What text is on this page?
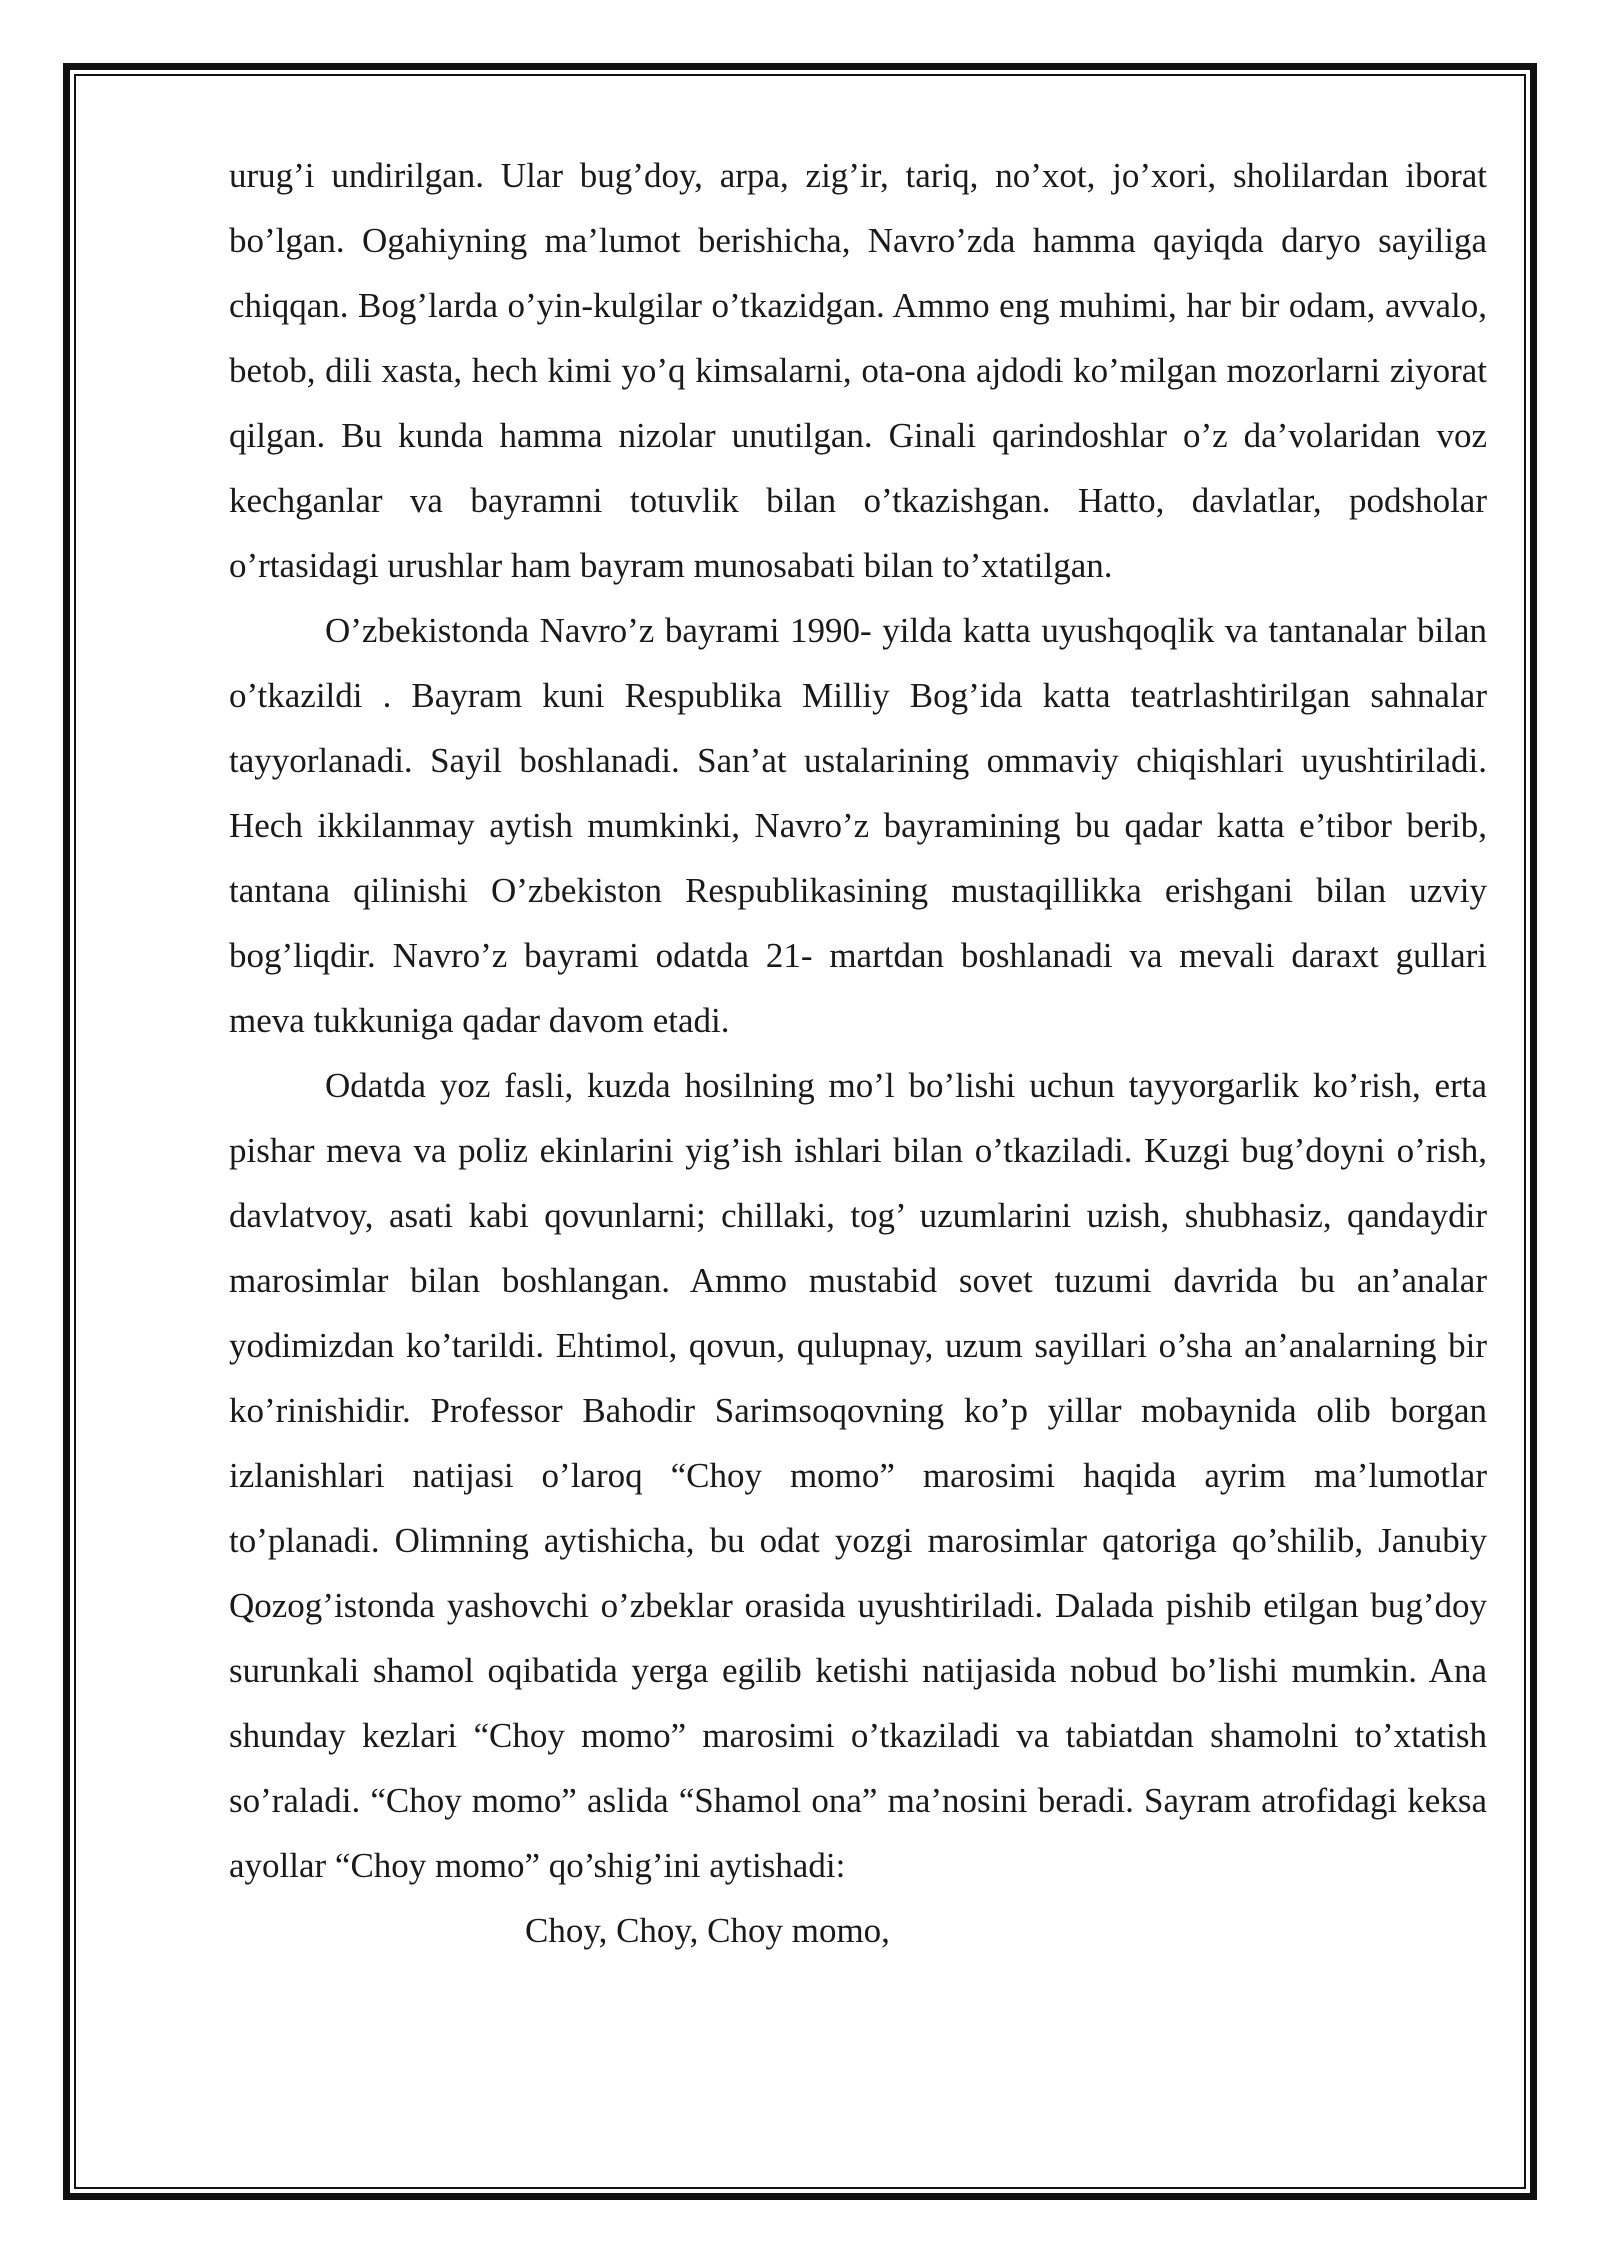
urug’i undirilgan. Ular bug’doy, arpa, zig’ir, tariq, no’xot, jo’xori, sholilardan iborat bo’lgan. Ogahiyning ma’lumot berishicha, Navro’zda hamma qayiqda daryo sayiliga chiqqan. Bog’larda o’yin-kulgilar o’tkazidgan. Ammo eng muhimi, har bir odam, avvalo, betob, dili xasta, hech kimi yo’q kimsalarni, ota-ona ajdodi ko’milgan mozorlarni ziyorat qilgan. Bu kunda hamma nizolar unutilgan. Ginali qarindoshlar o’z da’volaridan voz kechganlar va bayramni totuvlik bilan o’tkazishgan. Hatto, davlatlar, podsholar o’rtasidagi urushlar ham bayram munosabati bilan to’xtatilgan.

O’zbekistonda Navro’z bayrami 1990- yilda katta uyushqoqlik va tantanalar bilan o’tkazildi . Bayram kuni Respublika Milliy Bog’ida katta teatrlashtirilgan sahnalar tayyorlanadi. Sayil boshlanadi. San’at ustalarining ommaviy chiqishlari uyushtiriladi. Hech ikkilanmay aytish mumkinki, Navro’z bayramining bu qadar katta e’tibor berib, tantana qilinishi O’zbekiston Respublikasining mustaqillikka erishgani bilan uzviy bog’liqdir. Navro’z bayrami odatda 21- martdan boshlanadi va mevali daraxt gullari meva tukkuniga qadar davom etadi.

Odatda yoz fasli, kuzda hosilning mo’l bo’lishi uchun tayyorgarlik ko’rish, erta pishar meva va poliz ekinlarini yig’ish ishlari bilan o’tkaziladi. Kuzgi bug’doyni o’rish, davlatvoy, asati kabi qovunlarni; chillaki, tog’ uzumlarini uzish, shubhasiz, qandaydir marosimlar bilan boshlangan. Ammo mustabid sovet tuzumi davrida bu an’analar yodimizdan ko’tarildi. Ehtimol, qovun, qulupnay, uzum sayillari o’sha an’analarning bir ko’rinishidir. Professor Bahodir Sarimsoqovning ko’p yillar mobaynida olib borgan izlanishlari natijasi o’laroq “Choy momo” marosimi haqida ayrim ma’lumotlar to’planadi. Olimning aytishicha, bu odat yozgi marosimlar qatoriga qo’shilib, Janubiy Qozog’istonda yashovchi o’zbeklar orasida uyushtiriladi. Dalada pishib etilgan bug’doy surunkali shamol oqibatida yerga egilib ketishi natijasida nobud bo’lishi mumkin. Ana shunday kezlari “Choy momo” marosimi o’tkaziladi va tabiatdan shamolni to’xtatish so’raladi. “Choy momo” aslida “Shamol ona” ma’nosini beradi. Sayram atrofidagi keksa ayollar “Choy momo” qo’shig’ini aytishadi:

Choy, Choy, Choy momo,
